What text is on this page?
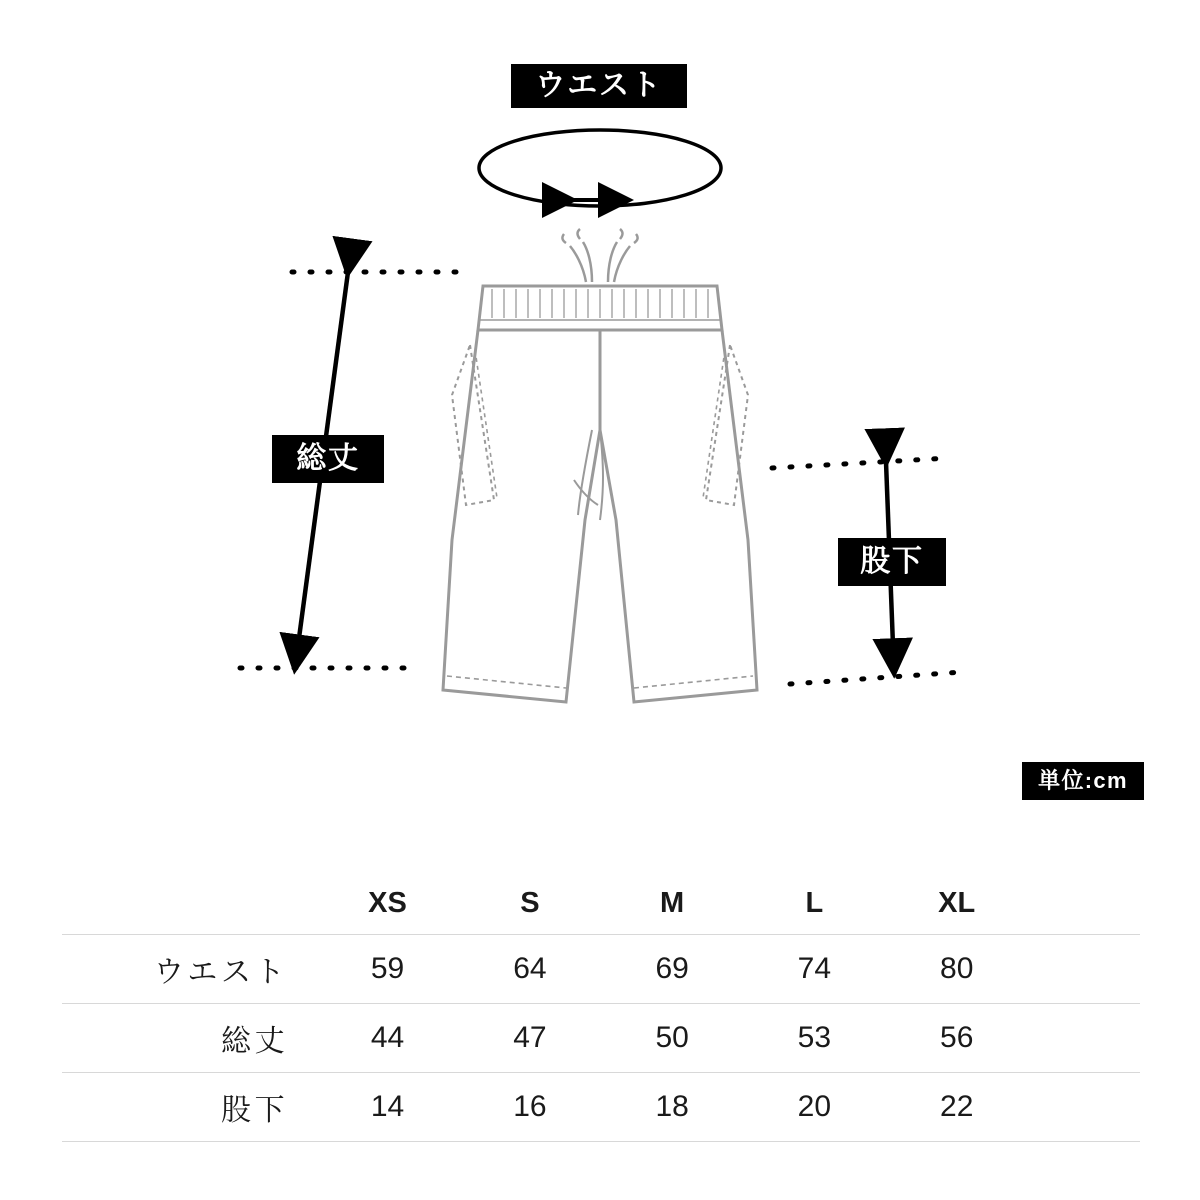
ウエスト
総丈
股下
単位:cm
	XS	S	M	L	XL	
ウエスト	59	64	69	74	80	
総丈	44	47	50	53	56	
股下	14	16	18	20	22	
